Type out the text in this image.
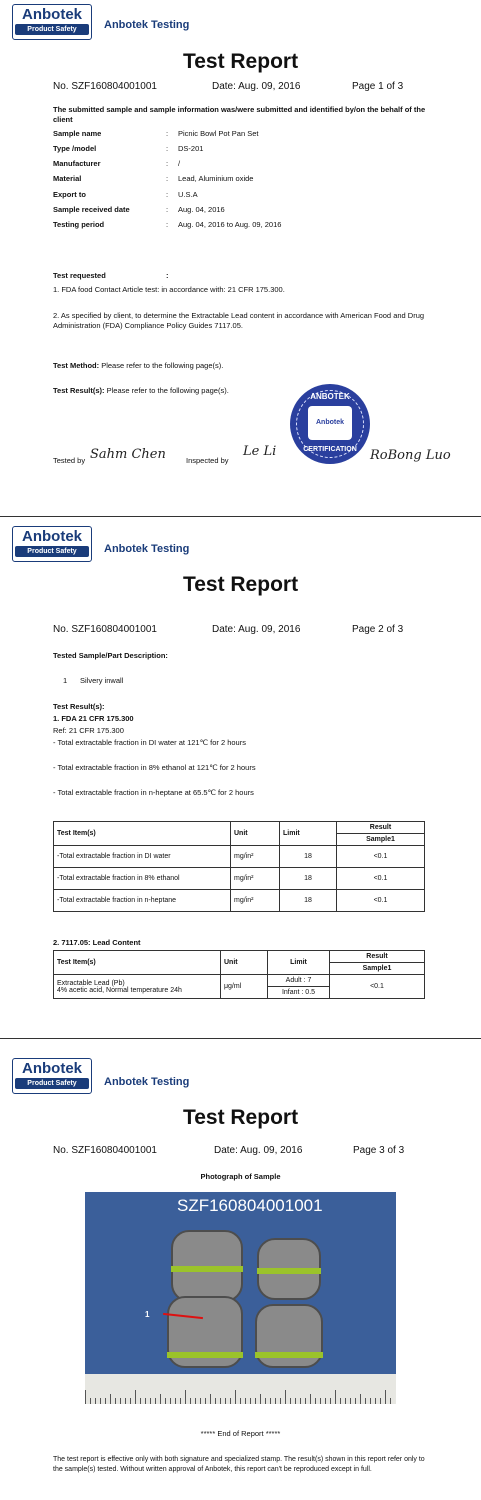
Anbotek
Product Safety	Anbotek Testing
Test Report
No. SZF160804001001	Date: Aug. 09, 2016	Page 1 of 3
The submitted sample and sample information was/were submitted and identified by/on the behalf of the client
Sample name	: Picnic Bowl Pot Pan Set
Type /model	: DS-201
Manufacturer	: /
Material	: Lead, Aluminium oxide
Export to	: U.S.A
Sample received date	: Aug. 04, 2016
Testing period	: Aug. 04, 2016 to Aug. 09, 2016
Test requested	:
1. FDA food Contact Article test: in accordance with: 21 CFR 175.300.
2. As specified by client, to determine the Extractable Lead content in accordance with American Food and Drug Administration (FDA) Compliance Policy Guides 7117.05.
Test Method: Please refer to the following page(s).
Test Result(s): Please refer to the following page(s).
ANBOTEK
Anbotek
CERTIFICATION
Tested by Sahm Chen	Inspected by
Le Li	RoBong Luo
Anbotek
Product Safety	Anbotek Testing
Test Report
No. SZF160804001001	Date: Aug. 09, 2016	Page 2 of 3
Tested Sample/Part Description:
1 Silvery inwall
Test Result(s):
1. FDA 21 CFR 175.300
Ref: 21 CFR 175.300
- Total extractable fraction in DI water at 121℃ for 2 hours
- Total extractable fraction in 8% ethanol at 121℃ for 2 hours
- Total extractable fraction in n-heptane at 65.5℃ for 2 hours
Test Item(s)	Unit	Limit	Result
			Sample1
-Total extractable fraction in DI water	mg/in²	18	<0.1
-Total extractable fraction in 8% ethanol	mg/in²	18	<0.1
-Total extractable fraction in n-heptane	mg/in²	18	<0.1
2. 7117.05: Lead Content
Test Item(s)	Unit	Limit	Result
			Sample1
Extractable Lead (Pb)
4% acetic acid, Normal temperature 24h	μg/ml	Adult : 7	<0.1
		Infant : 0.5	
Anbotek
Product Safety	Anbotek Testing
Test Report
No. SZF160804001001	Date: Aug. 09, 2016	Page 3 of 3
Photograph of Sample
SZF160804001001
1
***** End of Report *****
The test report is effective only with both signature and specialized stamp. The result(s) shown in this report refer only to the sample(s) tested. Without written approval of Anbotek, this report can't be reproduced except in full.
